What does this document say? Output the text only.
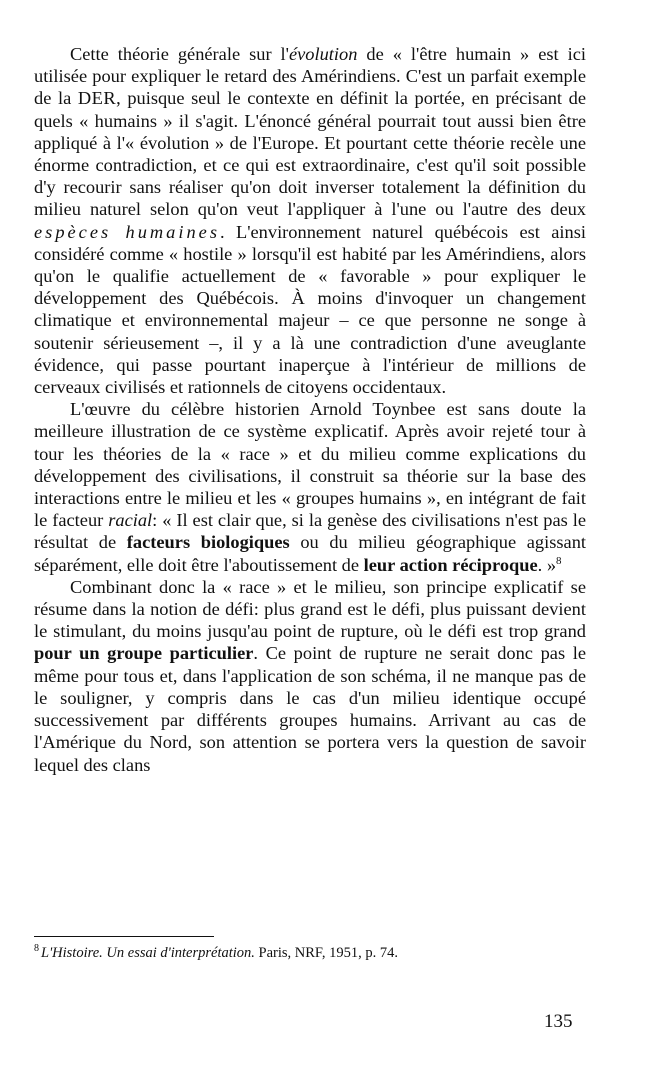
Cette théorie générale sur l'évolution de « l'être humain » est ici utilisée pour expliquer le retard des Amérindiens. C'est un parfait exemple de la DER, puisque seul le contexte en définit la portée, en précisant de quels « humains » il s'agit. L'énoncé général pourrait tout aussi bien être appliqué à l'« évolution » de l'Europe. Et pourtant cette théorie recèle une énorme contradiction, et ce qui est extraordinaire, c'est qu'il soit possible d'y recourir sans réaliser qu'on doit inverser totalement la définition du milieu naturel selon qu'on veut l'appliquer à l'une ou l'autre des deux espèces humaines. L'environnement naturel québécois est ainsi considéré comme « hostile » lorsqu'il est habité par les Amérindiens, alors qu'on le qualifie actuellement de « favorable » pour expliquer le développement des Québécois. À moins d'invoquer un changement climatique et environnemental majeur – ce que personne ne songe à soutenir sérieusement –, il y a là une contradiction d'une aveuglante évidence, qui passe pourtant inaperçue à l'intérieur de millions de cerveaux civilisés et rationnels de citoyens occidentaux.

L'œuvre du célèbre historien Arnold Toynbee est sans doute la meilleure illustration de ce système explicatif. Après avoir rejeté tour à tour les théories de la « race » et du milieu comme explications du développement des civilisations, il construit sa théorie sur la base des interactions entre le milieu et les « groupes humains », en intégrant de fait le facteur racial: « Il est clair que, si la genèse des civilisations n'est pas le résultat de facteurs biologiques ou du milieu géographique agissant séparément, elle doit être l'aboutissement de leur action réciproque. »$^8$

Combinant donc la « race » et le milieu, son principe explicatif se résume dans la notion de défi: plus grand est le défi, plus puissant devient le stimulant, du moins jusqu'au point de rupture, où le défi est trop grand pour un groupe particulier. Ce point de rupture ne serait donc pas le même pour tous et, dans l'application de son schéma, il ne manque pas de le souligner, y compris dans le cas d'un milieu identique occupé successivement par différents groupes humains. Arrivant au cas de l'Amérique du Nord, son attention se portera vers la question de savoir lequel des clans

$^8$ L'Histoire. Un essai d'interprétation. Paris, NRF, 1951, p. 74.
135
